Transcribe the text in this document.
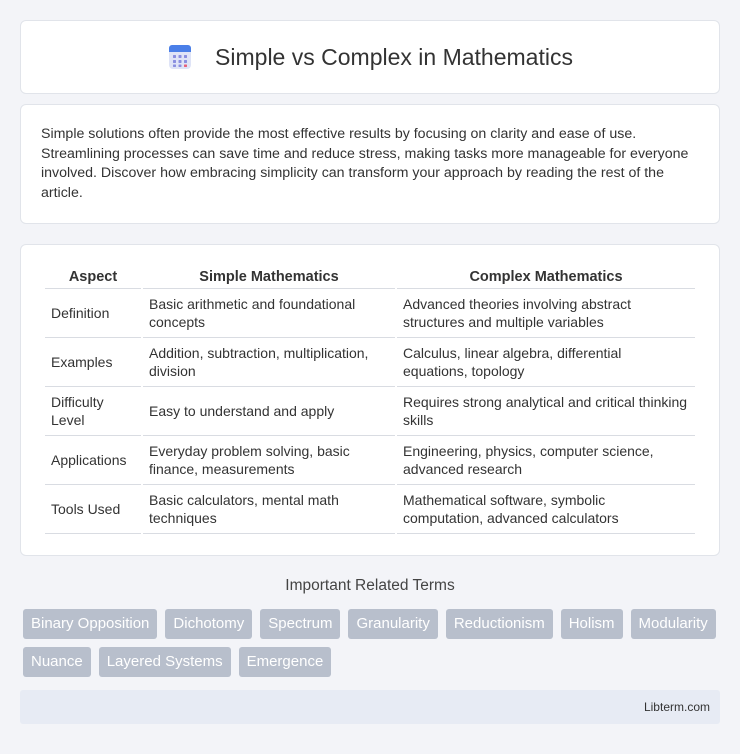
Simple vs Complex in Mathematics

Simple solutions often provide the most effective results by focusing on clarity and ease of use. Streamlining processes can save time and reduce stress, making tasks more manageable for everyone involved. Discover how embracing simplicity can transform your approach by reading the rest of the article.

Aspect	Simple Mathematics	Complex Mathematics
Definition	Basic arithmetic and foundational concepts	Advanced theories involving abstract structures and multiple variables
Examples	Addition, subtraction, multiplication, division	Calculus, linear algebra, differential equations, topology
Difficulty Level	Easy to understand and apply	Requires strong analytical and critical thinking skills
Applications	Everyday problem solving, basic finance, measurements	Engineering, physics, computer science, advanced research
Tools Used	Basic calculators, mental math techniques	Mathematical software, symbolic computation, advanced calculators
Important Related Terms
Binary Opposition	Dichotomy	Spectrum	Granularity	Reductionism	Holism	Modularity
Nuance	Layered Systems	Emergence
Libterm.com
